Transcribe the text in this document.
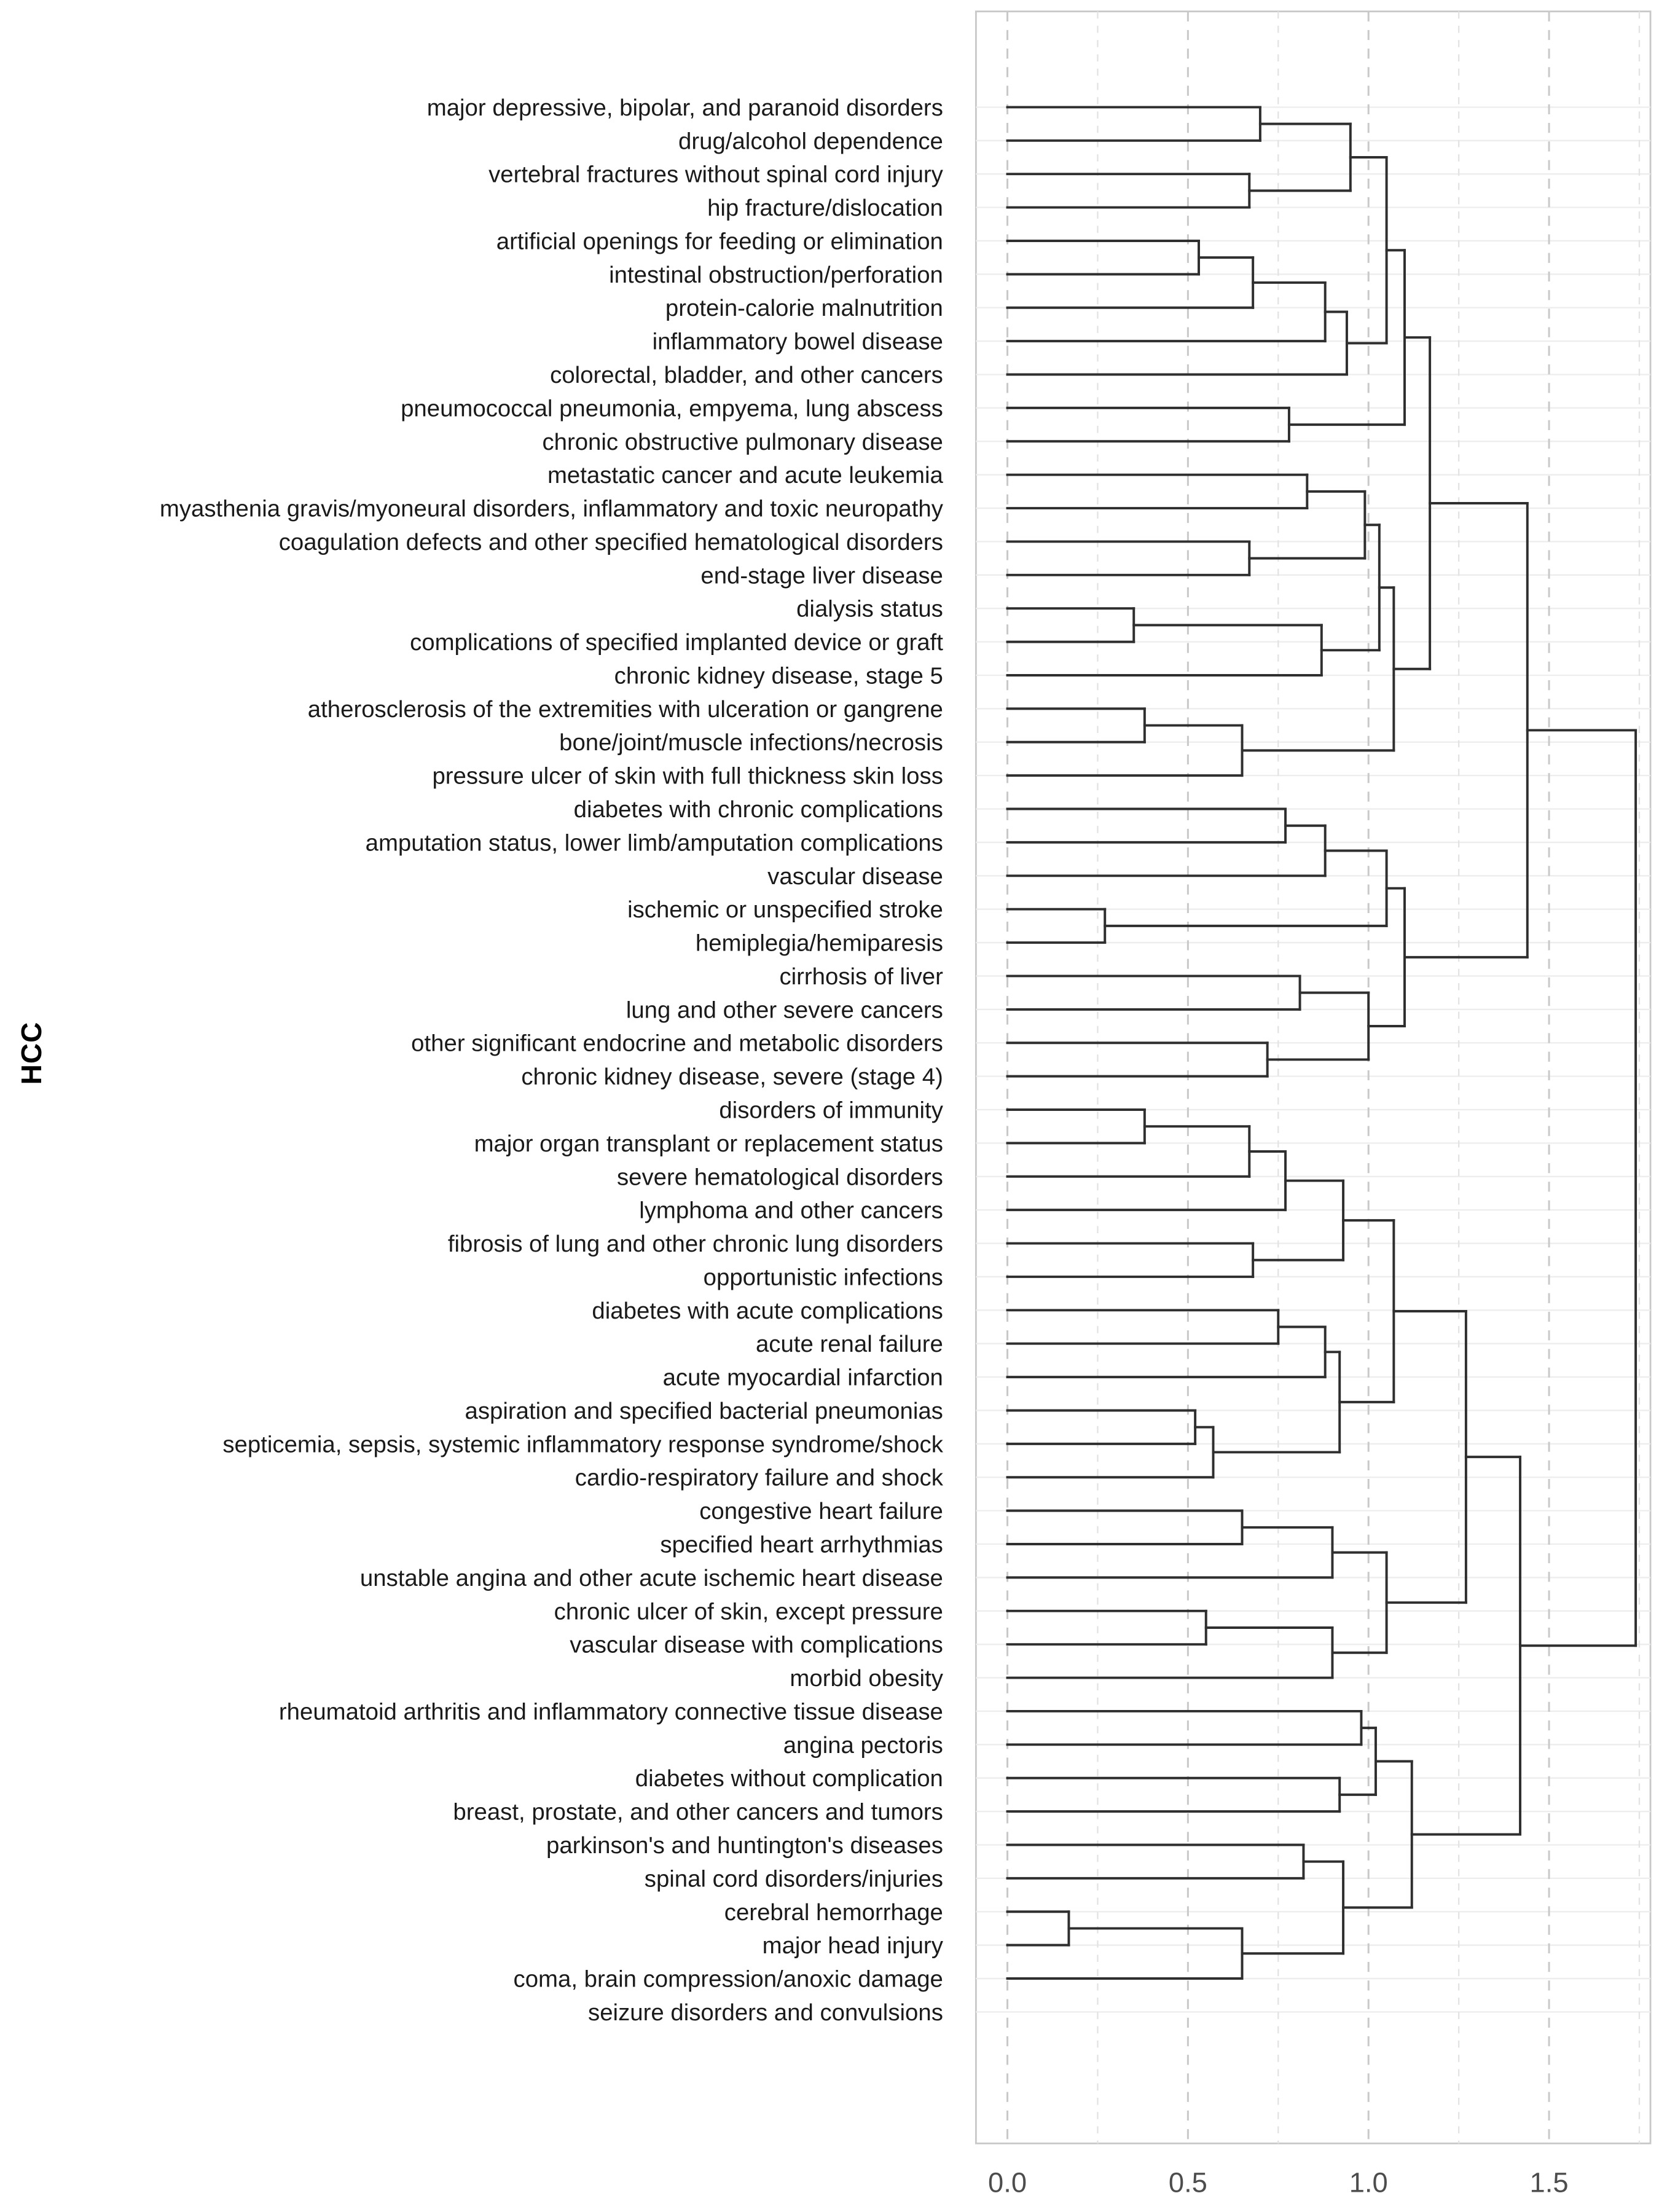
major depressive, bipolar, and paranoid disorders
drug/alcohol dependence
vertebral fractures without spinal cord injury
hip fracture/dislocation
artificial openings for feeding or elimination
intestinal obstruction/perforation
protein-calorie malnutrition
inflammatory bowel disease
colorectal, bladder, and other cancers
pneumococcal pneumonia, empyema, lung abscess
chronic obstructive pulmonary disease
metastatic cancer and acute leukemia
myasthenia gravis/myoneural disorders, inflammatory and toxic neuropathy
coagulation defects and other specified hematological disorders
end-stage liver disease
dialysis status
complications of specified implanted device or graft
chronic kidney disease, stage 5
atherosclerosis of the extremities with ulceration or gangrene
bone/joint/muscle infections/necrosis
pressure ulcer of skin with full thickness skin loss
diabetes with chronic complications
amputation status, lower limb/amputation complications
vascular disease
ischemic or unspecified stroke
hemiplegia/hemiparesis
cirrhosis of liver
lung and other severe cancers
other significant endocrine and metabolic disorders
chronic kidney disease, severe (stage 4)
disorders of immunity
major organ transplant or replacement status
severe hematological disorders
lymphoma and other cancers
fibrosis of lung and other chronic lung disorders
opportunistic infections
diabetes with acute complications
acute renal failure
acute myocardial infarction
aspiration and specified bacterial pneumonias
septicemia, sepsis, systemic inflammatory response syndrome/shock
cardio-respiratory failure and shock
congestive heart failure
specified heart arrhythmias
unstable angina and other acute ischemic heart disease
chronic ulcer of skin, except pressure
vascular disease with complications
morbid obesity
rheumatoid arthritis and inflammatory connective tissue disease
angina pectoris
diabetes without complication
breast, prostate, and other cancers and tumors
parkinson's and huntington's diseases
spinal cord disorders/injuries
cerebral hemorrhage
major head injury
coma, brain compression/anoxic damage
seizure disorders and convulsions
0.0	0.5	1.0	1.5
HCC
